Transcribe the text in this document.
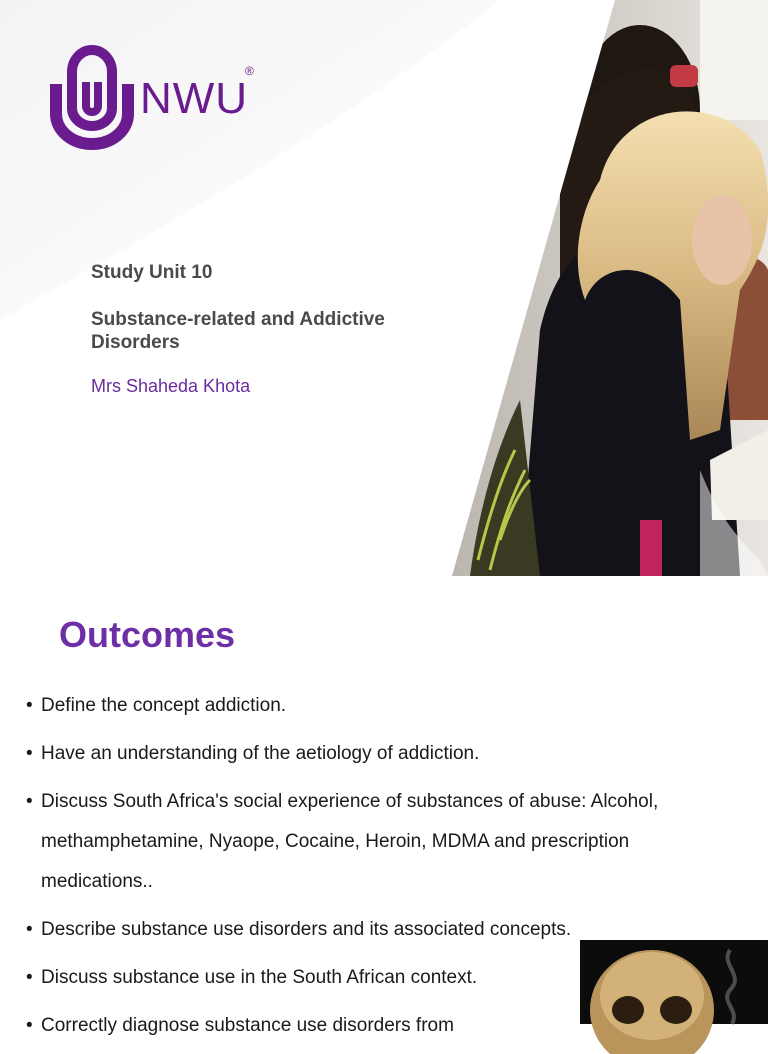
NWU
®
Study Unit 10
Substance-related and Addictive Disorders
Mrs Shaheda Khota
Outcomes
• Define the concept addiction.
• Have an understanding of the aetiology of addiction.
• Discuss South Africa's social experience of substances of abuse: Alcohol, methamphetamine, Nyaope, Cocaine, Heroin, MDMA and prescription medications..
• Describe substance use disorders and its associated concepts.
• Discuss substance use in the South African context.
• Correctly diagnose substance use disorders from
